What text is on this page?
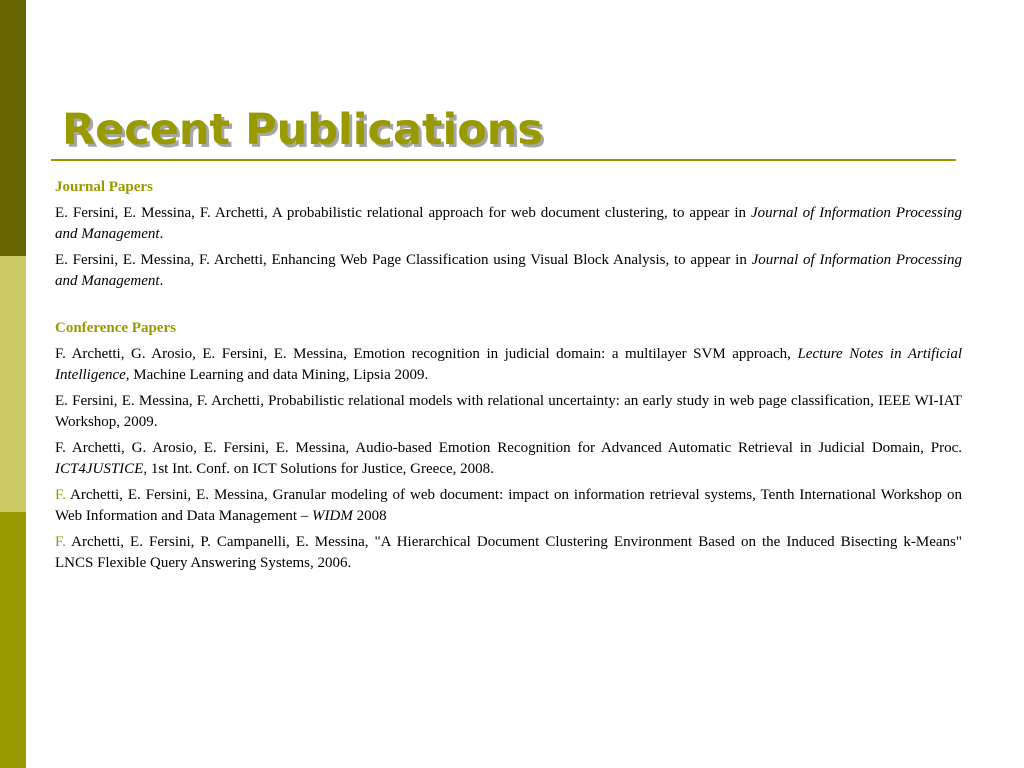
Recent Publications
Journal Papers
E. Fersini, E. Messina, F. Archetti, A probabilistic relational approach for web document clustering, to appear in Journal of Information Processing and Management.
E. Fersini, E. Messina, F. Archetti, Enhancing Web Page Classification using Visual Block Analysis, to appear in Journal of Information Processing and Management.
Conference Papers
F. Archetti, G. Arosio, E. Fersini, E. Messina, Emotion recognition in judicial domain: a multilayer SVM approach, Lecture Notes in Artificial Intelligence, Machine Learning and data Mining, Lipsia 2009.
E. Fersini, E. Messina, F. Archetti, Probabilistic relational models with relational uncertainty: an early study in web page classification, IEEE WI-IAT Workshop, 2009.
F. Archetti, G. Arosio, E. Fersini, E. Messina, Audio-based Emotion Recognition for Advanced Automatic Retrieval in Judicial Domain, Proc. ICT4JUSTICE, 1st Int. Conf. on ICT Solutions for Justice, Greece, 2008.
F. Archetti, E. Fersini, E. Messina, Granular modeling of web document: impact on information retrieval systems, Tenth International Workshop on Web Information and Data Management – WIDM 2008
F. Archetti, E. Fersini, P. Campanelli, E. Messina, "A Hierarchical Document Clustering Environment Based on the Induced Bisecting k-Means" LNCS Flexible Query Answering Systems, 2006.
